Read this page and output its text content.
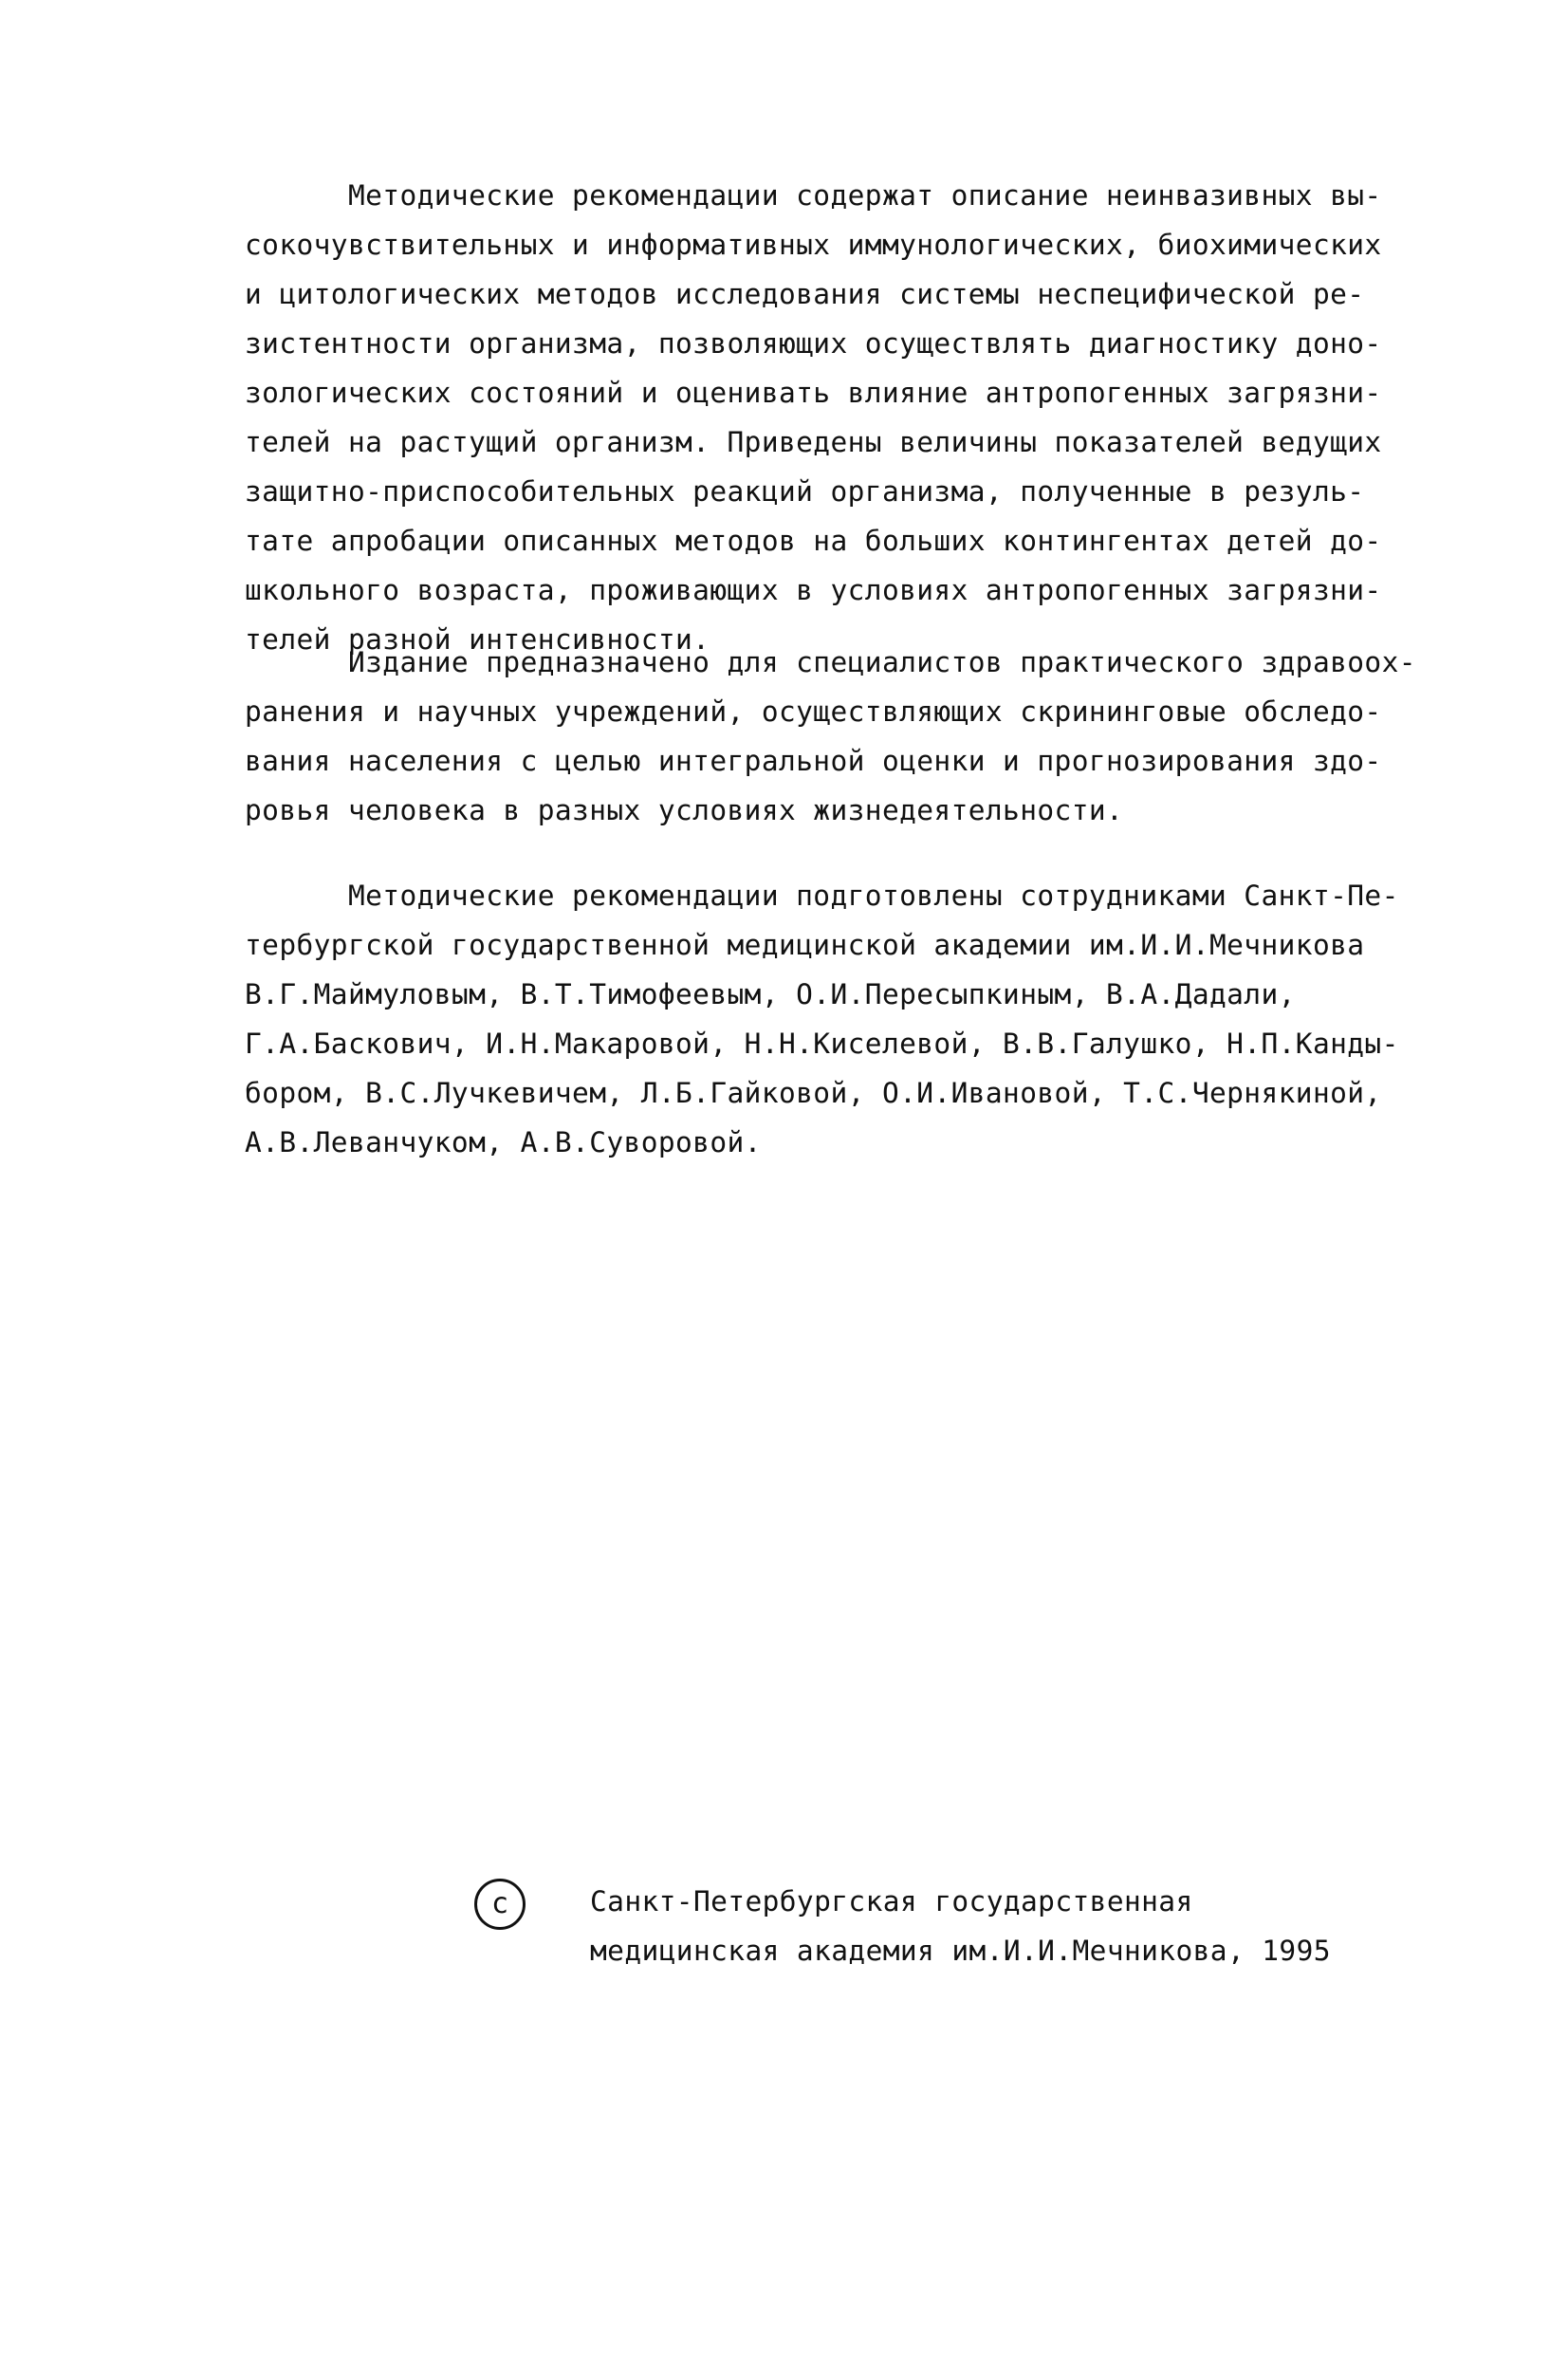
Методические рекомендации содержат описание неинвазивных вы-
сокочувствительных и информативных иммунологических, биохимических
и цитологических методов исследования системы неспецифической ре-
зистентности организма, позволяющих осуществлять диагностику доно-
зологических состояний и оценивать влияние антропогенных загрязни-
телей на растущий организм. Приведены величины показателей ведущих
защитно-приспособительных реакций организма, полученные в резуль-
тате апробации описанных методов на больших контингентах детей до-
школьного возраста, проживающих в условиях антропогенных загрязни-
телей разной интенсивности.
Издание предназначено для специалистов практического здравоох-
ранения и научных учреждений, осуществляющих скрининговые обследо-
вания населения с целью интегральной оценки и прогнозирования здо-
ровья человека в разных условиях жизнедеятельности.
Методические рекомендации подготовлены сотрудниками Санкт-Пе-
тербургской государственной медицинской академии им.И.И.Мечникова
В.Г.Маймуловым, В.Т.Тимофеевым, О.И.Пересыпкиным, В.А.Дадали,
Г.А.Баскович, И.Н.Макаровой, Н.Н.Киселевой, В.В.Галушко, Н.П.Канды-
бором, В.С.Лучкевичем, Л.Б.Гайковой, О.И.Ивановой, Т.С.Чернякиной,
А.В.Леванчуком, А.В.Суворовой.
c	Санкт-Петербургская государственная
медицинская академия им.И.И.Мечникова, 1995
